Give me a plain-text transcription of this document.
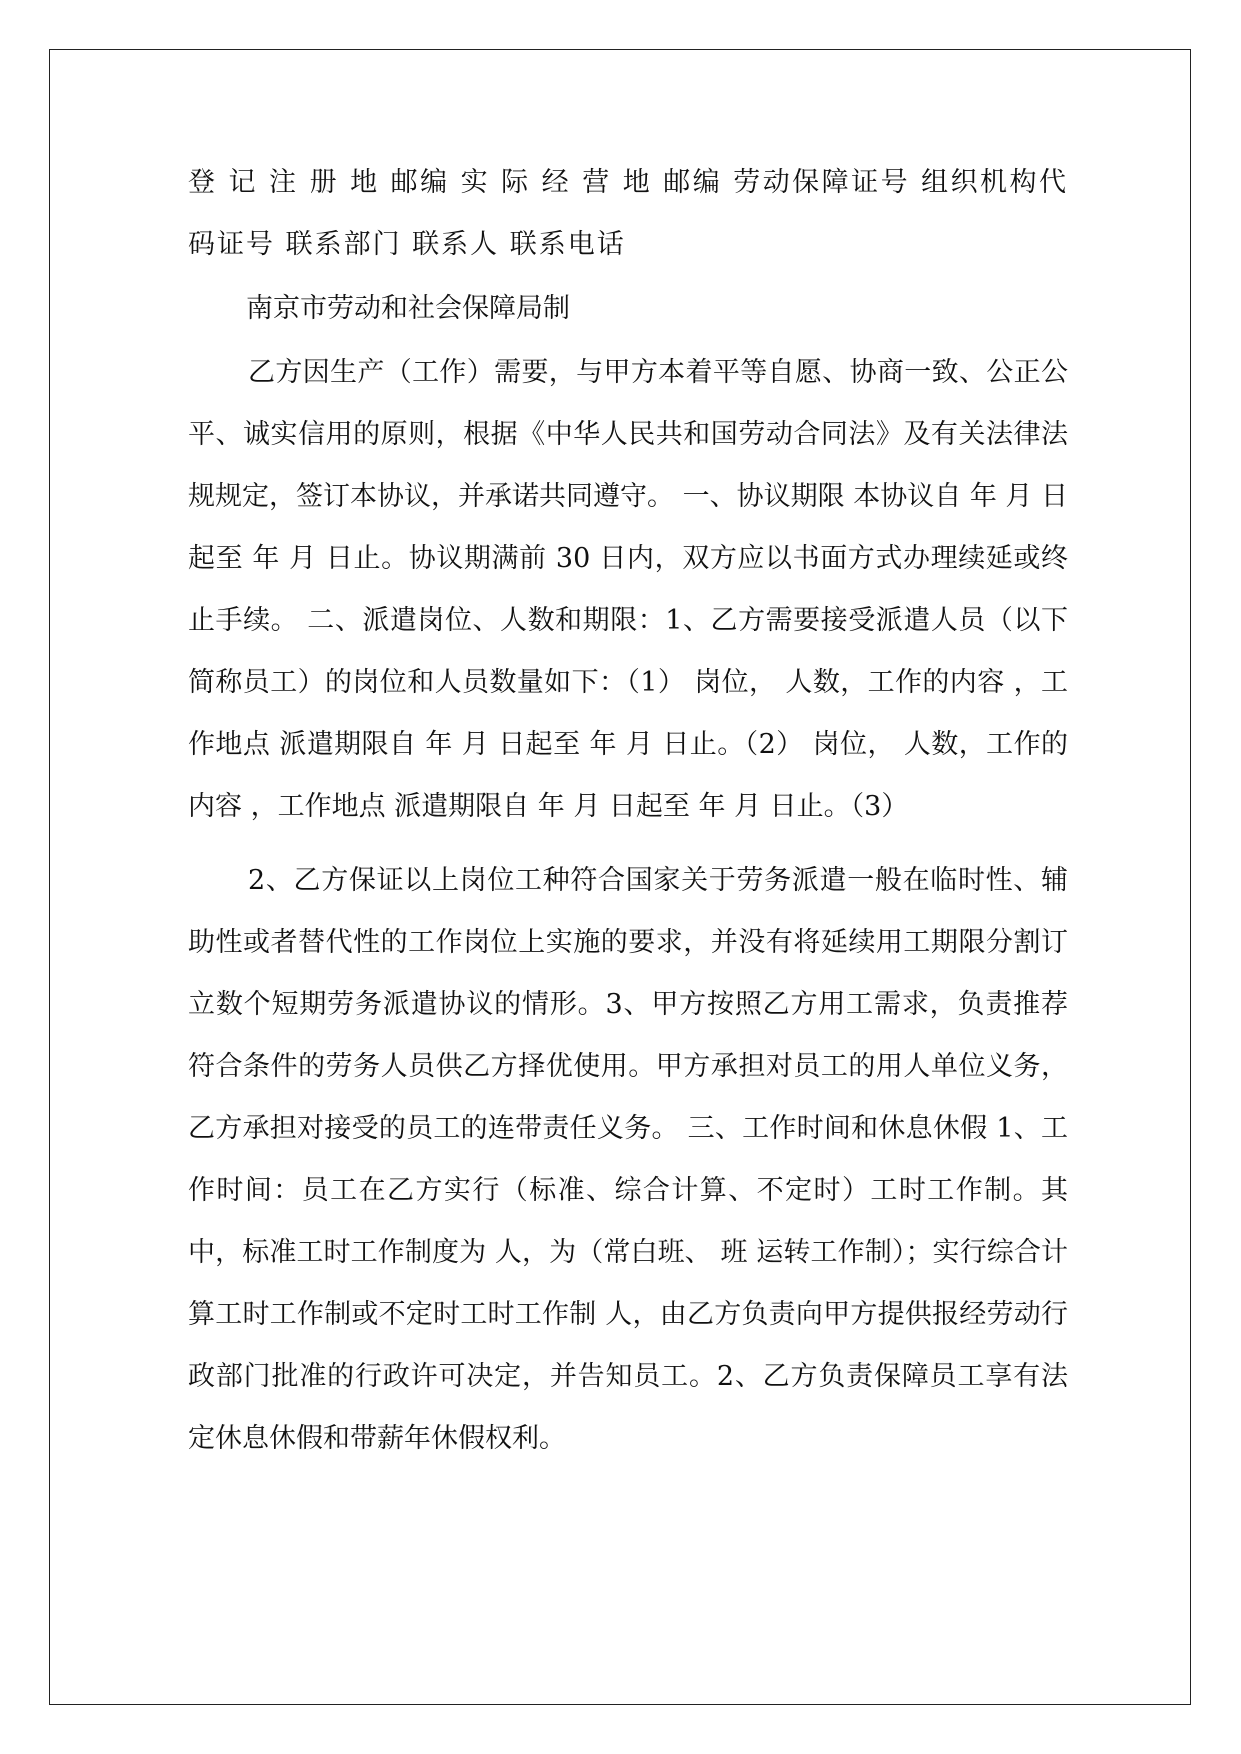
登 记 注 册 地 邮编 实 际 经 营 地 邮编 劳动保障证号 组织机构代码证号 联系部门 联系人 联系电话

南京市劳动和社会保障局制

乙方因生产（工作）需要，与甲方本着平等自愿、协商一致、公正公平、诚实信用的原则，根据《中华人民共和国劳动合同法》及有关法律法规规定，签订本协议，并承诺共同遵守。 一、协议期限 本协议自 年 月 日起至 年 月 日止。协议期满前 30 日内，双方应以书面方式办理续延或终止手续。 二、派遣岗位、人数和期限：1、乙方需要接受派遣人员（以下简称员工）的岗位和人员数量如下：（1） 岗位， 人数，工作的内容 ，工作地点 派遣期限自 年 月 日起至 年 月 日止。（2） 岗位， 人数，工作的内容 ，工作地点 派遣期限自 年 月 日起至 年 月 日止。（3）

2、乙方保证以上岗位工种符合国家关于劳务派遣一般在临时性、辅助性或者替代性的工作岗位上实施的要求，并没有将延续用工期限分割订立数个短期劳务派遣协议的情形。3、甲方按照乙方用工需求，负责推荐符合条件的劳务人员供乙方择优使用。甲方承担对员工的用人单位义务，乙方承担对接受的员工的连带责任义务。 三、工作时间和休息休假 1、工作时间：员工在乙方实行（标准、综合计算、不定时）工时工作制。其中，标准工时工作制度为 人，为（常白班、 班 运转工作制）；实行综合计算工时工作制或不定时工时工作制 人，由乙方负责向甲方提供报经劳动行政部门批准的行政许可决定，并告知员工。2、乙方负责保障员工享有法定休息休假和带薪年休假权利。
